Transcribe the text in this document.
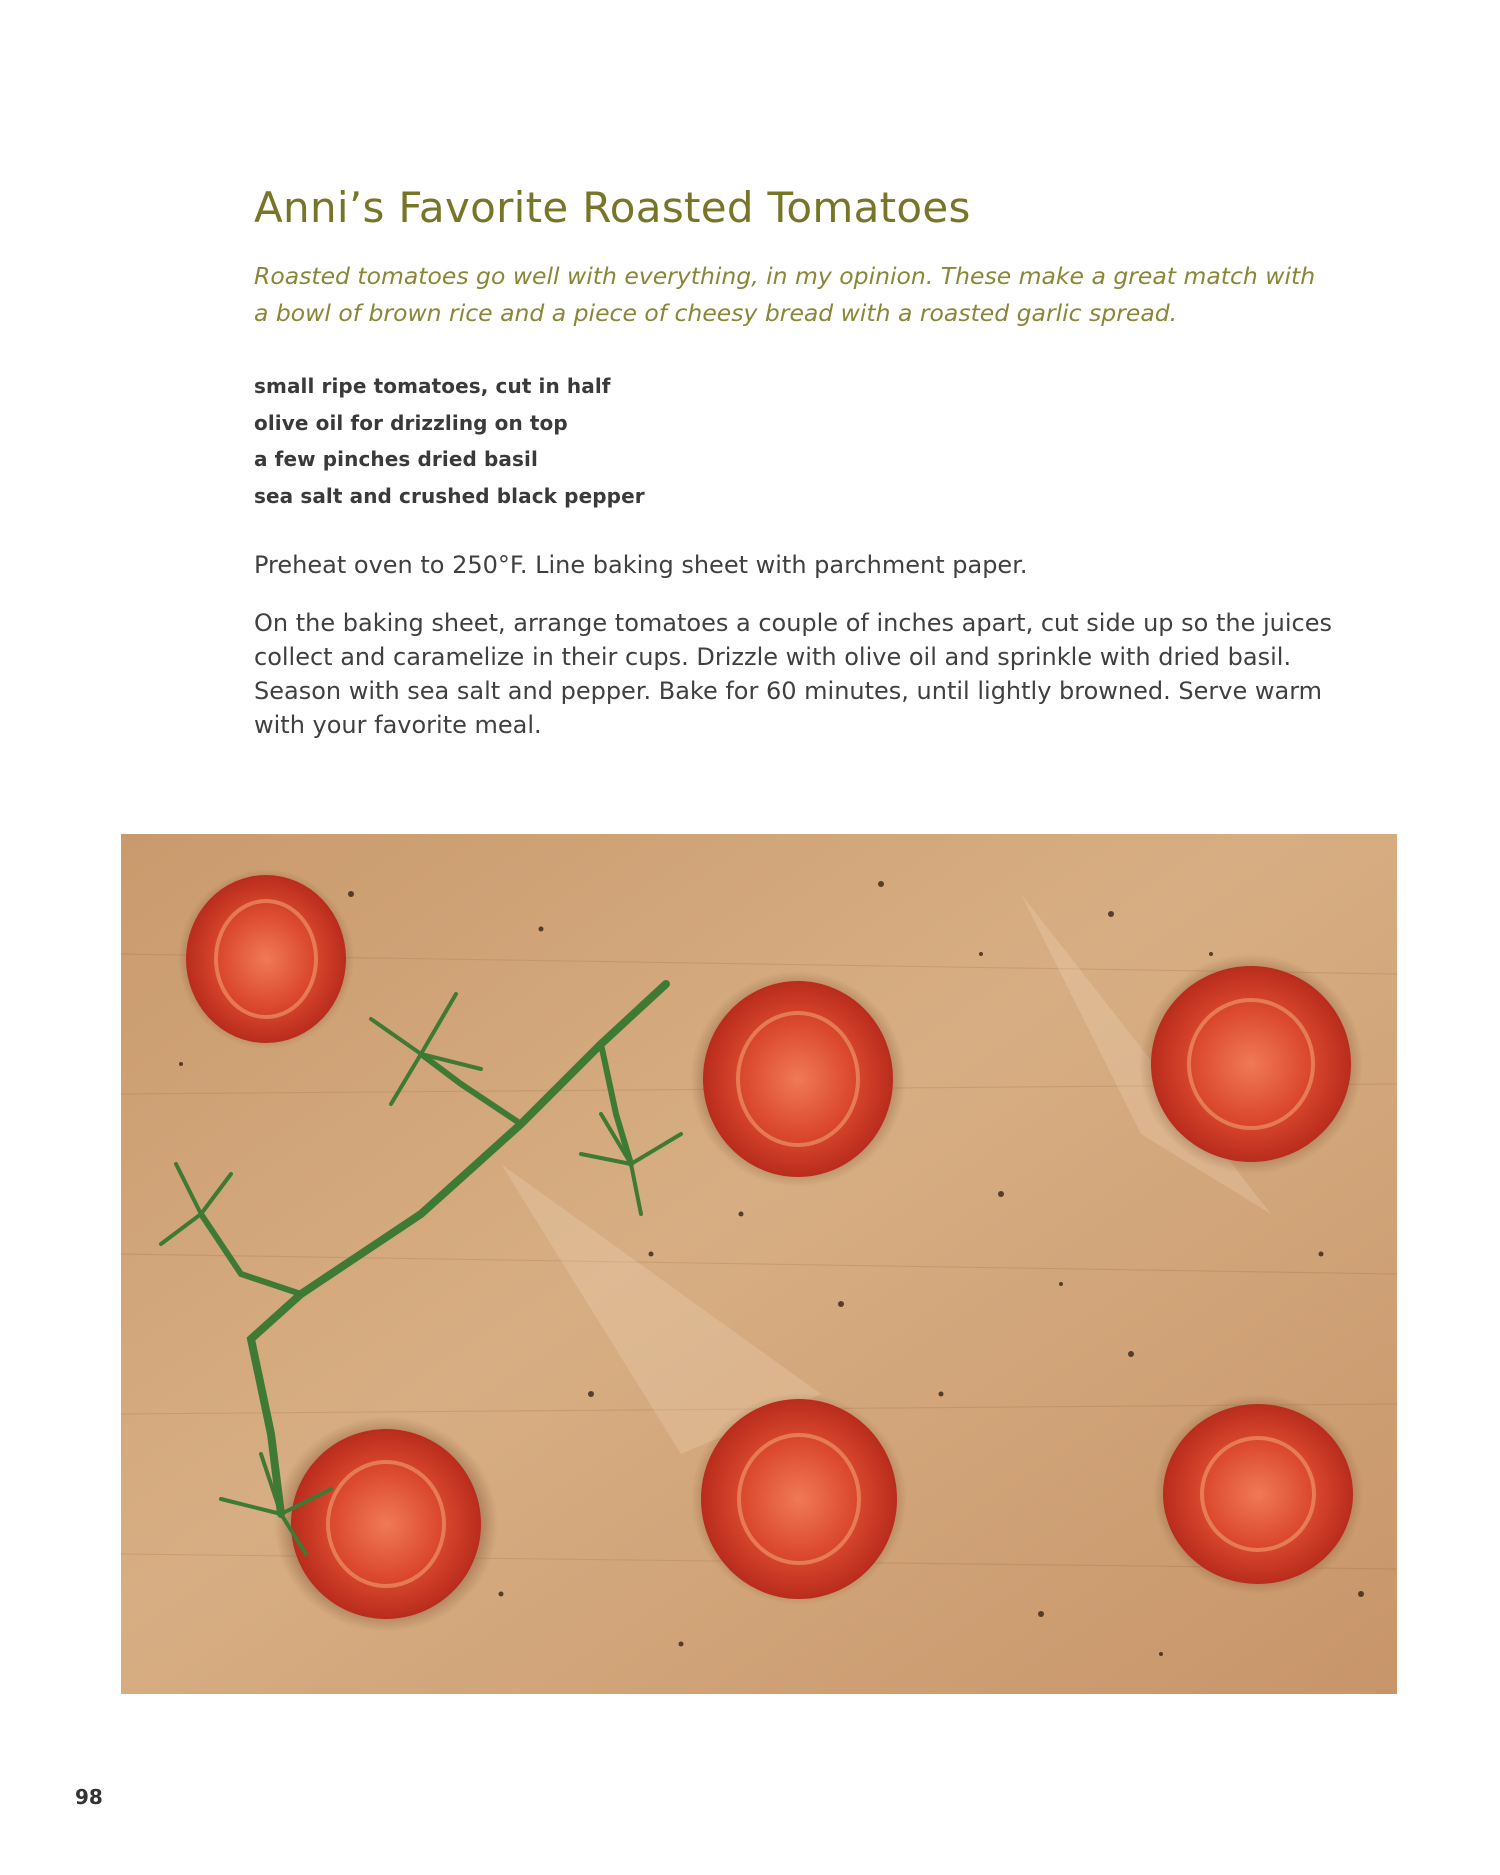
Anni’s Favorite Roasted Tomatoes

Roasted tomatoes go well with everything, in my opinion. These make a great match with a bowl of brown rice and a piece of cheesy bread with a roasted garlic spread.

small ripe tomatoes, cut in half
olive oil for drizzling on top
a few pinches dried basil
sea salt and crushed black pepper

Preheat oven to 250°F. Line baking sheet with parchment paper.

On the baking sheet, arrange tomatoes a couple of inches apart, cut side up so the juices collect and caramelize in their cups. Drizzle with olive oil and sprinkle with dried basil. Season with sea salt and pepper. Bake for 60 minutes, until lightly browned. Serve warm with your favorite meal.

98
